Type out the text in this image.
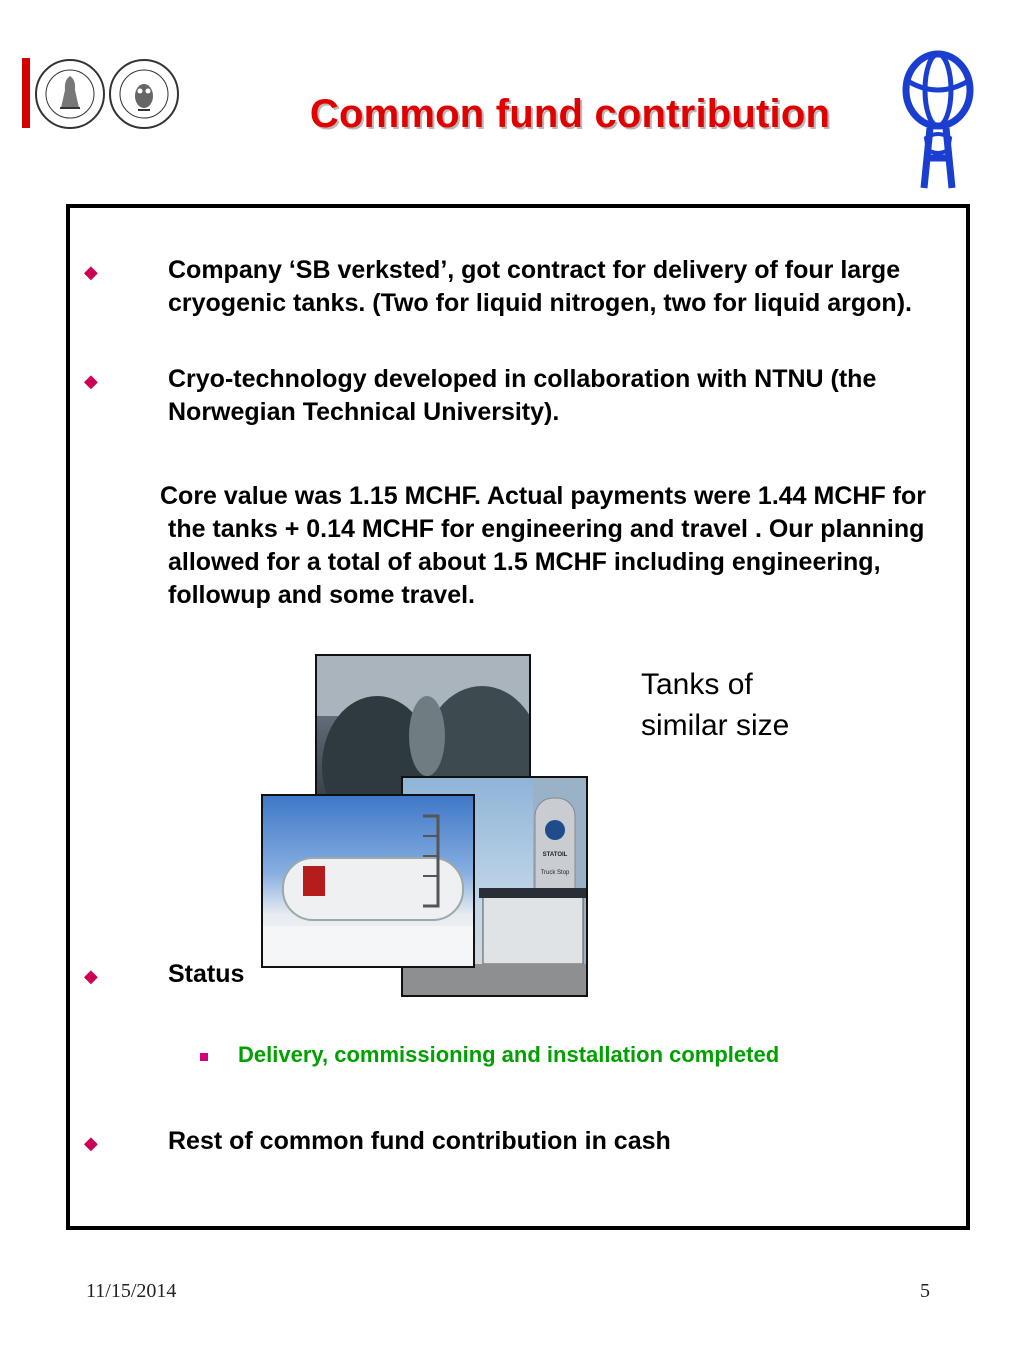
Common fund contribution
◆	Company ‘SB verksted’, got contract for delivery of four large cryogenic tanks. (Two for liquid nitrogen, two for liquid argon).
◆	Cryo-technology developed in collaboration with NTNU (the Norwegian Technical University).
Core value was 1.15 MCHF. Actual payments were 1.44 MCHF for the tanks + 0.14 MCHF for engineering and travel . Our planning allowed for a total of about 1.5 MCHF including engineering, followup and some travel.
STATOIL
Truck Stop
Tanks of similar size
◆	Status
Delivery, commissioning and installation completed
◆	Rest of common fund contribution in cash
11/15/2014	5
